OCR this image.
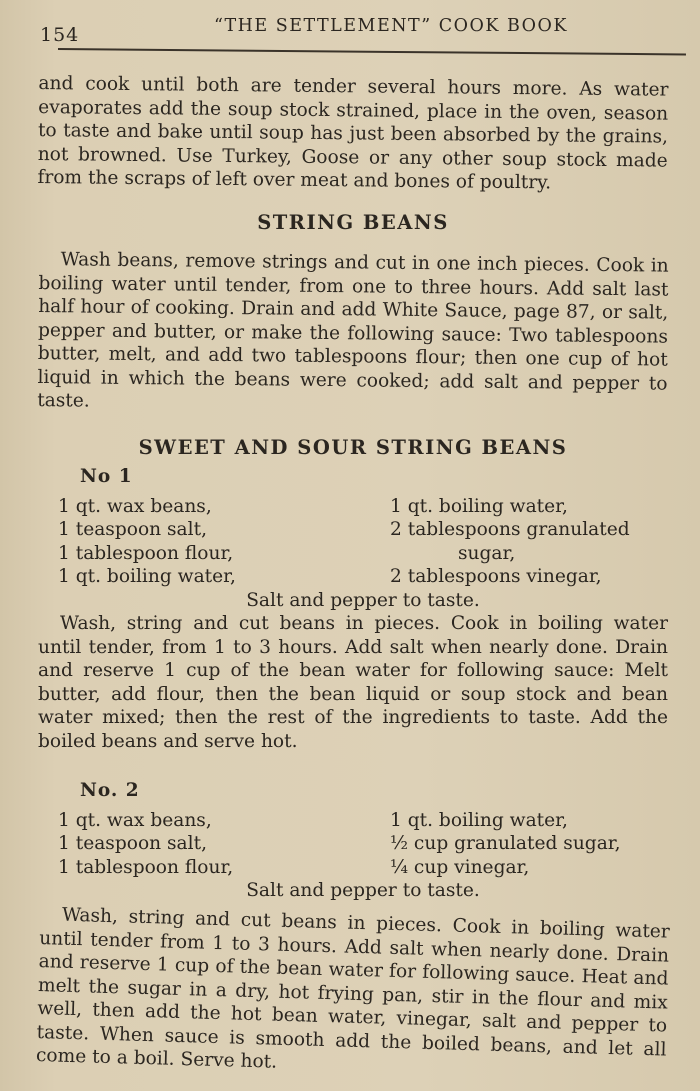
154	“THE SETTLEMENT” COOK BOOK

and cook until both are tender several hours more. As water evaporates add the soup stock strained, place in the oven, season to taste and bake until soup has just been absorbed by the grains, not browned. Use Turkey, Goose or any other soup stock made from the scraps of left over meat and bones of poultry.

STRING BEANS

Wash beans, remove strings and cut in one inch pieces. Cook in boiling water until tender, from one to three hours. Add salt last half hour of cooking. Drain and add White Sauce, page 87, or salt, pepper and butter, or make the following sauce: Two tablespoons butter, melt, and add two tablespoons flour; then one cup of hot liquid in which the beans were cooked; add salt and pepper to taste.

SWEET AND SOUR STRING BEANS
No 1
1 qt. wax beans,	1 qt. boiling water,
1 teaspoon salt,	2 tablespoons granulated
1 tablespoon flour,	sugar,
1 qt. boiling water,	2 tablespoons vinegar,
Salt and pepper to taste.

Wash, string and cut beans in pieces. Cook in boiling water until tender, from 1 to 3 hours. Add salt when nearly done. Drain and reserve 1 cup of the bean water for following sauce: Melt butter, add flour, then the bean liquid or soup stock and bean water mixed; then the rest of the ingredients to taste. Add the boiled beans and serve hot.

No. 2
1 qt. wax beans,	1 qt. boiling water,
1 teaspoon salt,	½ cup granulated sugar,
1 tablespoon flour,	¼ cup vinegar,
Salt and pepper to taste.

Wash, string and cut beans in pieces. Cook in boiling water until tender from 1 to 3 hours. Add salt when nearly done. Drain and reserve 1 cup of the bean water for following sauce. Heat and melt the sugar in a dry, hot frying pan, stir in the flour and mix well, then add the hot bean water, vinegar, salt and pepper to taste. When sauce is smooth add the boiled beans, and let all come to a boil. Serve hot.
